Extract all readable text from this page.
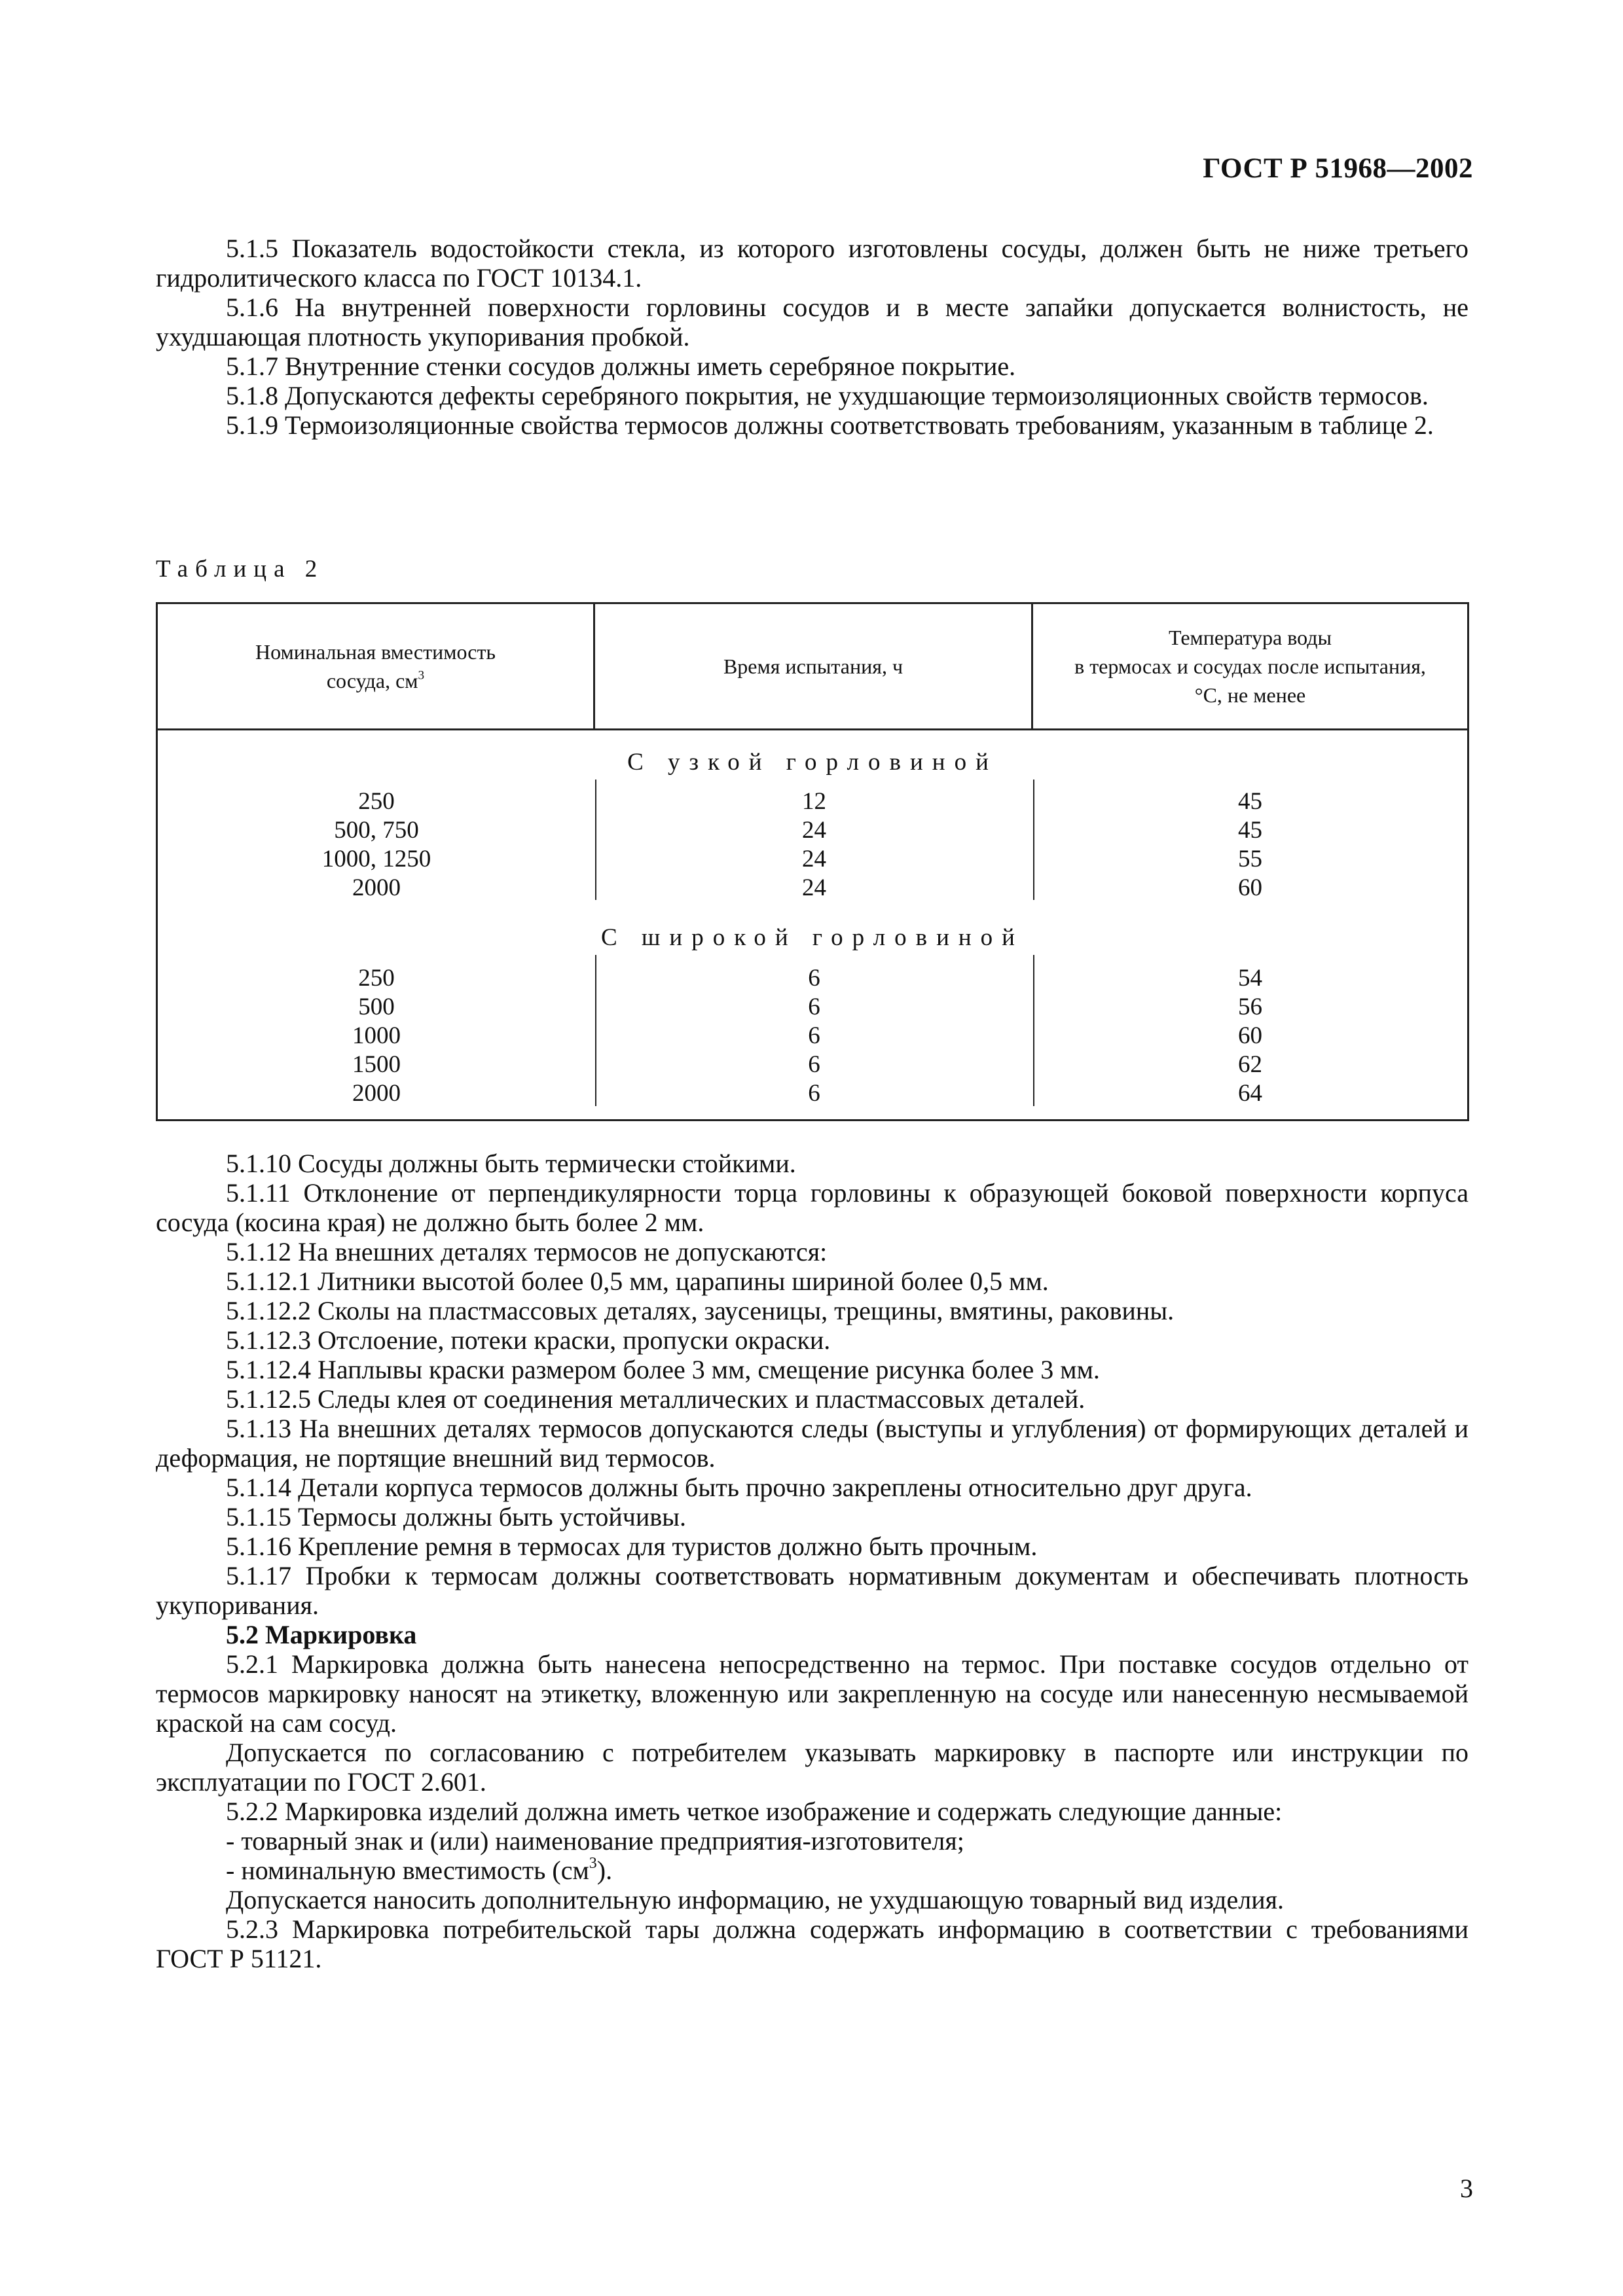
ГОСТ Р 51968—2002

5.1.5 Показатель водостойкости стекла, из которого изготовлены сосуды, должен быть не ниже третьего гидролитического класса по ГОСТ 10134.1.

5.1.6 На внутренней поверхности горловины сосудов и в месте запайки допускается волнистость, не ухудшающая плотность укупоривания пробкой.

5.1.7 Внутренние стенки сосудов должны иметь серебряное покрытие.

5.1.8 Допускаются дефекты серебряного покрытия, не ухудшающие термоизоляционных свойств термосов.

5.1.9 Термоизоляционные свойства термосов должны соответствовать требованиям, указанным в таблице 2.

Таблица 2
Номинальная вместимость
сосуда, $см^3$	Время испытания, ч
Температура воды
в термосах и сосудах после испытания,
°С, не менее
С узкой горловиной
250
500, 750
1000, 1250
2000
12
24
24
24
45
45
55
60
С широкой горловиной
250
500
1000
1500
2000
6
6
6
6
6
54
56
60
62
64

5.1.10 Сосуды должны быть термически стойкими.

5.1.11 Отклонение от перпендикулярности торца горловины к образующей боковой поверхности корпуса сосуда (косина края) не должно быть более 2 мм.

5.1.12 На внешних деталях термосов не допускаются:

5.1.12.1 Литники высотой более 0,5 мм, царапины шириной более 0,5 мм.

5.1.12.2 Сколы на пластмассовых деталях, заусеницы, трещины, вмятины, раковины.

5.1.12.3 Отслоение, потеки краски, пропуски окраски.

5.1.12.4 Наплывы краски размером более 3 мм, смещение рисунка более 3 мм.

5.1.12.5 Следы клея от соединения металлических и пластмассовых деталей.

5.1.13 На внешних деталях термосов допускаются следы (выступы и углубления) от формирующих деталей и деформация, не портящие внешний вид термосов.

5.1.14 Детали корпуса термосов должны быть прочно закреплены относительно друг друга.

5.1.15 Термосы должны быть устойчивы.

5.1.16 Крепление ремня в термосах для туристов должно быть прочным.

5.1.17 Пробки к термосам должны соответствовать нормативным документам и обеспечивать плотность укупоривания.

5.2 Маркировка

5.2.1 Маркировка должна быть нанесена непосредственно на термос. При поставке сосудов отдельно от термосов маркировку наносят на этикетку, вложенную или закрепленную на сосуде или нанесенную несмываемой краской на сам сосуд.

Допускается по согласованию с потребителем указывать маркировку в паспорте или инструкции по эксплуатации по ГОСТ 2.601.

5.2.2 Маркировка изделий должна иметь четкое изображение и содержать следующие данные:

- товарный знак и (или) наименование предприятия-изготовителя;

- номинальную вместимость $(см^3)$.

Допускается наносить дополнительную информацию, не ухудшающую товарный вид изделия.

5.2.3 Маркировка потребительской тары должна содержать информацию в соответствии с требованиями ГОСТ Р 51121.

3
